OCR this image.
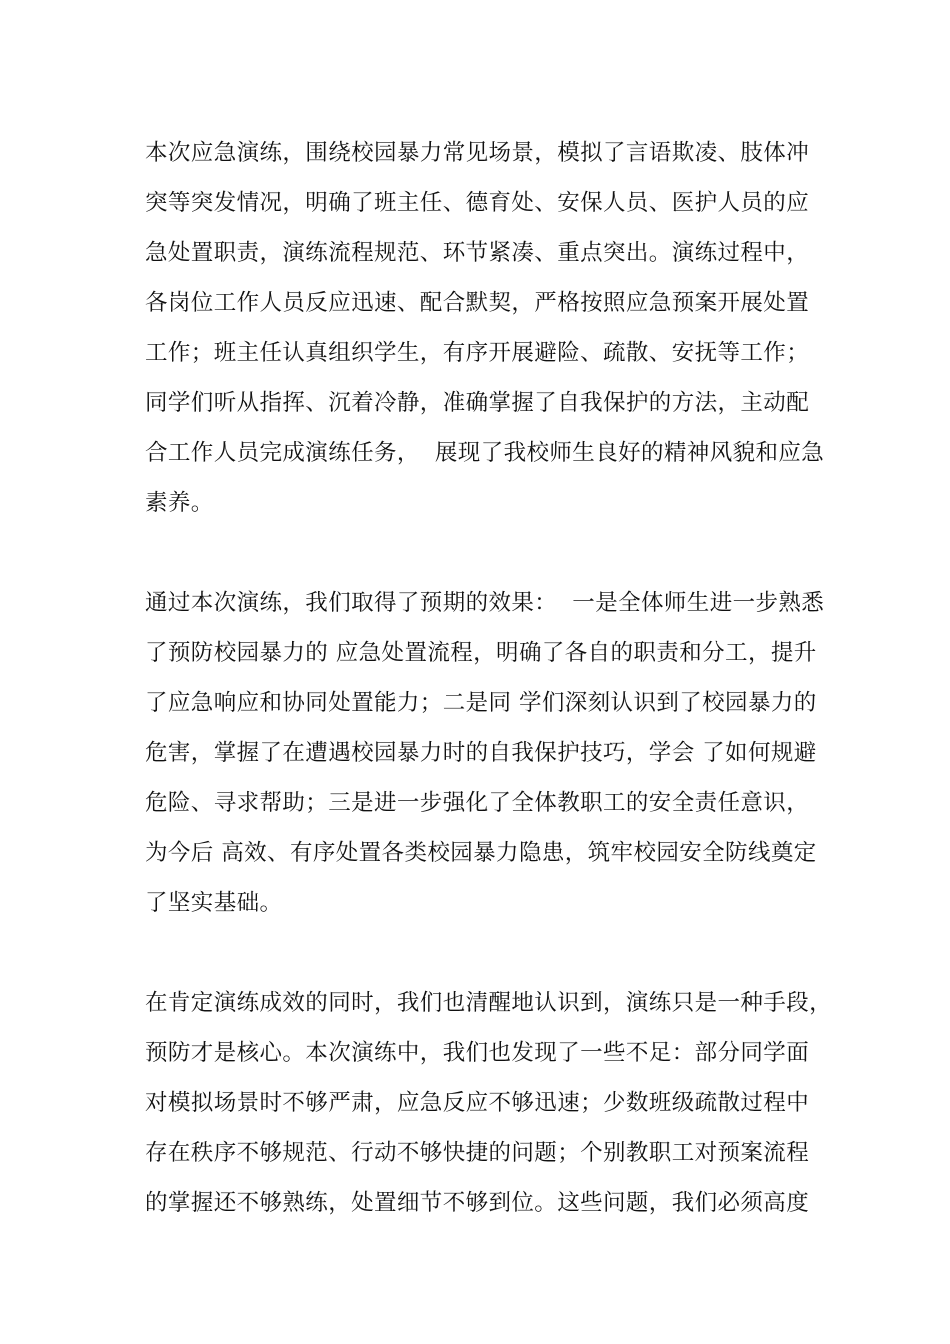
本次应急演练，围绕校园暴力常见场景，模拟了言语欺凌、肢体冲
突等突发情况，明确了班主任、德育处、安保人员、医护人员的应
急处置职责，演练流程规范、环节紧凑、重点突出。演练过程中，
各岗位工作人员反应迅速、配合默契，严格按照应急预案开展处置
工作；班主任认真组织学生，有序开展避险、疏散、安抚等工作；
同学们听从指挥、沉着冷静，准确掌握了自我保护的方法，主动配
合工作人员完成演练任务，  展现了我校师生良好的精神风貌和应急
素养。
通过本次演练，我们取得了预期的效果：  一是全体师生进一步熟悉
了预防校园暴力的 应急处置流程，明确了各自的职责和分工，提升
了应急响应和协同处置能力；二是同 学们深刻认识到了校园暴力的
危害，掌握了在遭遇校园暴力时的自我保护技巧，学会 了如何规避
危险、寻求帮助；三是进一步强化了全体教职工的安全责任意识，
为今后 高效、有序处置各类校园暴力隐患，筑牢校园安全防线奠定
了坚实基础。
在肯定演练成效的同时，我们也清醒地认识到，演练只是一种手段，
预防才是核心。本次演练中，我们也发现了一些不足：部分同学面
对模拟场景时不够严肃，应急反应不够迅速；少数班级疏散过程中
存在秩序不够规范、行动不够快捷的问题；个别教职工对预案流程
的掌握还不够熟练，处置细节不够到位。这些问题，我们必须高度
